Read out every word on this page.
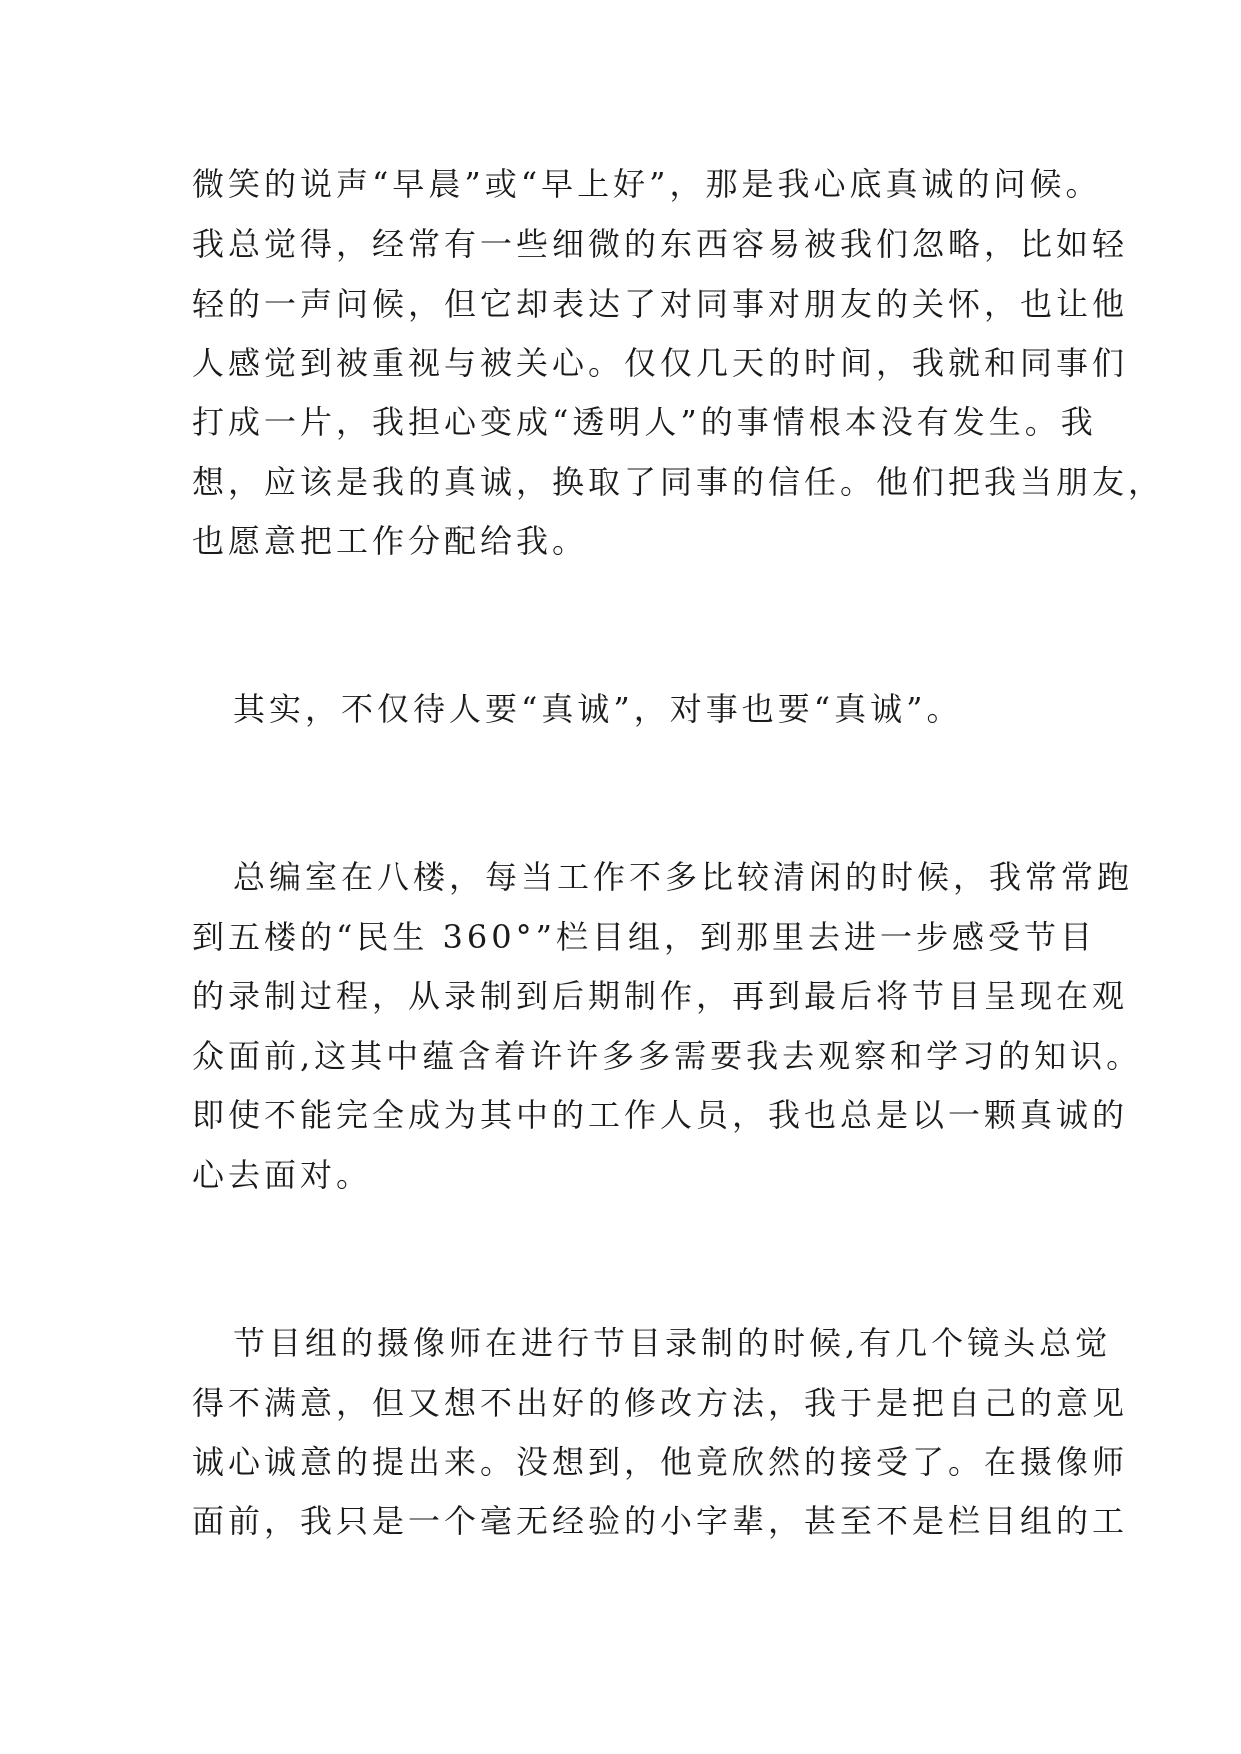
微笑的说声“早晨”或“早上好”，那是我心底真诚的问候。
我总觉得，经常有一些细微的东西容易被我们忽略，比如轻
轻的一声问候，但它却表达了对同事对朋友的关怀，也让他
人感觉到被重视与被关心。仅仅几天的时间，我就和同事们
打成一片，我担心变成“透明人”的事情根本没有发生。我
想，应该是我的真诚，换取了同事的信任。他们把我当朋友，
也愿意把工作分配给我。
其实，不仅待人要“真诚”，对事也要“真诚”。
总编室在八楼，每当工作不多比较清闲的时候，我常常跑
到五楼的“民生 360°”栏目组，到那里去进一步感受节目
的录制过程，从录制到后期制作，再到最后将节目呈现在观
众面前,这其中蕴含着许许多多需要我去观察和学习的知识。
即使不能完全成为其中的工作人员，我也总是以一颗真诚的
心去面对。
节目组的摄像师在进行节目录制的时候,有几个镜头总觉
得不满意，但又想不出好的修改方法，我于是把自己的意见
诚心诚意的提出来。没想到，他竟欣然的接受了。在摄像师
面前，我只是一个毫无经验的小字辈，甚至不是栏目组的工
